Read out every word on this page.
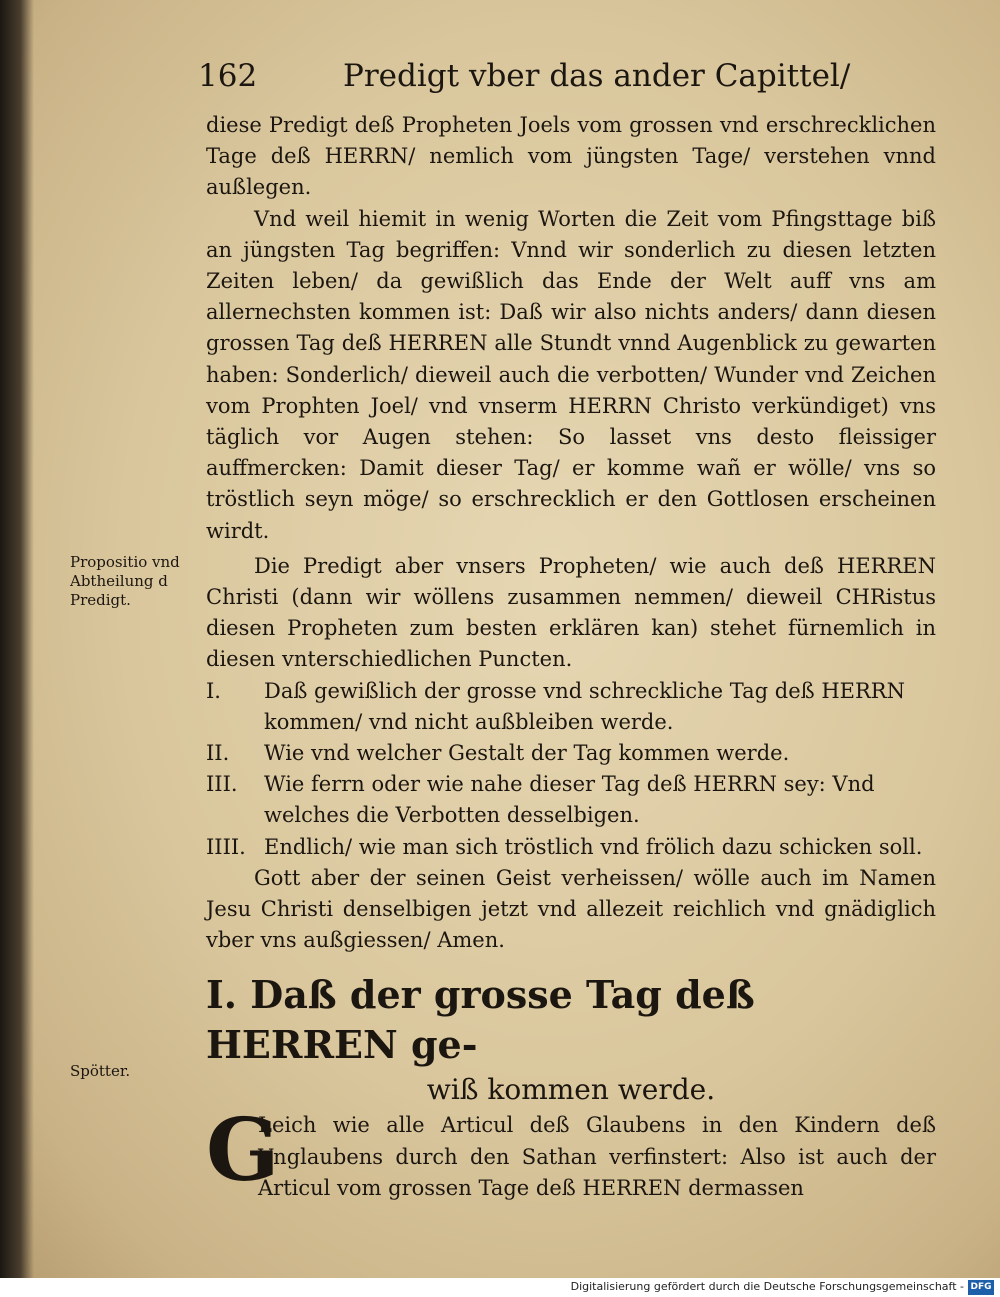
162	Predigt vber das ander Capittel/
Propositio vnd Abtheilung d Predigt.
Spötter.

diese Predigt deß Propheten Joels vom grossen vnd erschrecklichen Tage deß HERRN/ nemlich vom jüngsten Tage/ verstehen vnnd außlegen.

Vnd weil hiemit in wenig Worten die Zeit vom Pfingsttage biß an jüngsten Tag begriffen: Vnnd wir sonderlich zu diesen letzten Zeiten leben/ da gewißlich das Ende der Welt auff vns am allernechsten kommen ist: Daß wir also nichts anders/ dann diesen grossen Tag deß HERREN alle Stundt vnnd Augenblick zu gewarten haben: Sonderlich/ dieweil auch die verbotten/ Wunder vnd Zeichen vom Prophten Joel/ vnd vnserm HERRN Christo verkündiget) vns täglich vor Augen stehen: So lasset vns desto fleissiger auffmercken: Damit dieser Tag/ er komme wañ er wölle/ vns so tröstlich seyn möge/ so erschrecklich er den Gottlosen erscheinen wirdt.

Die Predigt aber vnsers Propheten/ wie auch deß HERREN Christi (dann wir wöllens zusammen nemmen/ dieweil CHRistus diesen Propheten zum besten erklären kan) stehet fürnemlich in diesen vnterschiedlichen Puncten.

I.	Daß gewißlich der grosse vnd schreckliche Tag deß HERRN kommen/ vnd nicht außbleiben werde.
II.	Wie vnd welcher Gestalt der Tag kommen werde.
III.	Wie ferrn oder wie nahe dieser Tag deß HERRN sey: Vnd welches die Verbotten desselbigen.
IIII. Endlich/ wie man sich tröstlich vnd frölich dazu schicken soll.

Gott aber der seinen Geist verheissen/ wölle auch im Namen Jesu Christi denselbigen jetzt vnd allezeit reichlich vnd gnädiglich vber vns außgiessen/ Amen.

I. Daß der grosse Tag deß HERREN ge-
wiß kommen werde.

G
Leich wie alle Articul deß Glaubens in den Kindern deß Vnglaubens durch den Sathan verfinstert: Also ist auch der Articul vom grossen Tage deß HERREN dermassen

Digitalisierung gefördert durch die Deutsche Forschungsgemeinschaft - DFG
